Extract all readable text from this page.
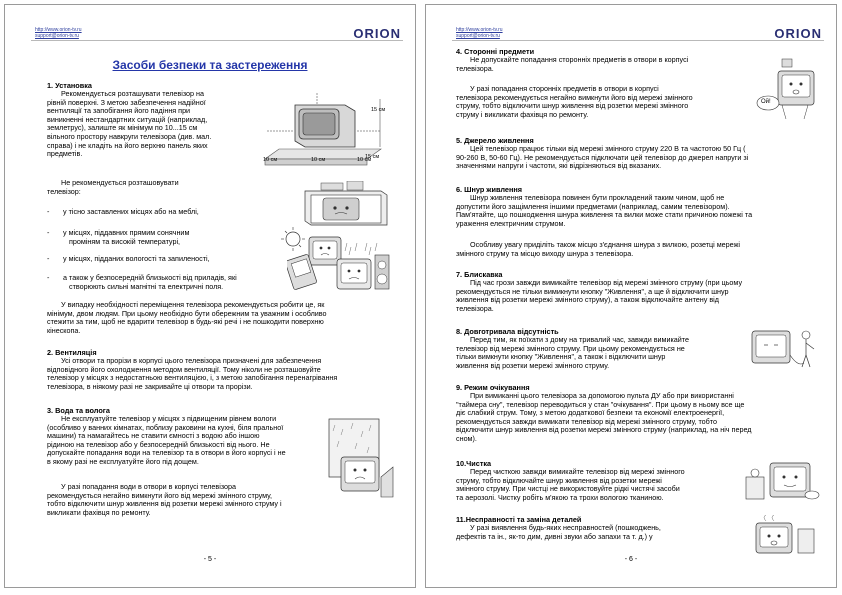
http://www.orion-tv.ru
support@orion-tv.ru	ORION
Засоби безпеки та застереження
1. Установка
Рекомендується розташувати телевізор на
рівній поверхні. З метою забезпечення надійної
вентиляції та запобігання його падіння при
виникненні нестандартних ситуацій (наприклад,
землетрус), залиште як мінімум по 10...15 см
вільного простору навкруги телевізора (див. мал.
справа) і не кладіть на його верхню панель яких
предметів.
15 см
15 см
10 см	10 см	10 см
Не рекомендується розташовувати
телевізор:
- у тісно заставлених місцях або на меблі,
- у місцях, піддавних прямим сонячним
проміням та високій температурі,
- у місцях, підданих вологості та запиленості,
- а також у безпосередній близькості від приладів, які
створюють сильні магнітні та електричні поля.
У випадку необхідності переміщення телевізора рекомендується робити це, як
мінімум, двом людям. При цьому необхідно бути обережним та уважним і особливо
стежити за тим, щоб не вдарити телевізор в будь-які речі і не пошкодити поверхню
кінескопа.
2. Вентиляція
Усі отвори та прорізи в корпусі цього телевізора призначені для забезпечення
відповідного його охолодження методом вентиляції. Тому ніколи не розташовуйте
телевізор у місцях з недостатньою вентиляцією, і, з метою запобігання перенагрівання
телевізора, в ніякому разі не закривайте ці отвори та прорізи.
3. Вода та волога
Не експлуатуйте телевізор у місцях з підвищеним рівнем вологи
(особливо у ванних кімнатах, поблизу раковини на кухні, біля пральної
машини) та намагайтесь не ставити ємності з водою або іншою
рідиною на телевізор або у безпосередній близькості від нього. Не
допускайте попадання води на телевізор та в отвори в його корпусі і не
в якому разі не експлуатуйте його під дощем.
У разі попадання води в отвори в корпусі телевізора
рекомендується негайно вимкнути його від мережі змінного струму,
тобто відключити шнур живлення від розетки мережі змінного струму і
викликати фахівця по ремонту.
- 5 -
http://www.orion-tv.ru
support@orion-tv.ru	ORION
4. Сторонні предмети
Не допускайте попадання сторонніх предметів в отвори в корпусі
телевізора.
У разі попадання сторонніх предметів в отвори в корпусі
телевізора рекомендується негайно вимкнути його від мережі змінного
струму, тобто відключити шнур живлення від розетки мережі змінного
струму і викликати фахівця по ремонту.
Ой!
5. Джерело живлення
Цей телевізор працює тільки від мережі змінного струму 220 В та частотою 50 Гц (
90-260 В, 50-60 Гц). Не рекомендується підключати цей телевізор до джерел напруги зі
значеннями напруги і частоти, які відрізняються від вказаних.
6. Шнур живлення
Шнур живлення телевізора повинен бути прокладений таким чином, щоб не
допустити його защімлення іншими предметами (наприклад, самим телевізором).
Пам'ятайте, що пошкодження шнура живлення та вилки може стати причиною пожежі та
ураження електричним струмом.
Особливу увагу приділіть також місцю з'єднання шнура з вилкою, розетці мережі
змінного струму та місцю виходу шнура з телевізора.
7. Блискавка
Під час грози завжди вимикайте телевізор від мережі змінного струму (при цьому
рекомендується не тільки вимикнути кнопку "Живлення", а ще й відключити шнур
живлення від розетки мережі змінного струму), а також відключайте антену від
телевізора.
8. Довготривала відсутність
Перед тим, як поїхати з дому на тривалий час, завжди вимикайте
телевізор від мережі змінного струму. При цьому рекомендується не
тільки вимкнути кнопку "Живлення", а також і відключити шнур
живлення від розетки мережі змінного струму.
9. Режим очікування
При вимиканні цього телевізора за допомогою пульта ДУ або при використанні
"таймера сну", телевізор переводиться у стан "очікування". При цьому в ньому все ще
діє слабкий струм. Тому, з метою додаткової безпеки та економії електроенергії,
рекомендується завжди вимикати телевізор від мережі змінного струму, тобто
відключити шнур живлення від розетки мережі змінного струму (наприклад, на ніч перед
сном).
10.Чистка
Перед чисткою завжди вимикайте телевізор від мережі змінного
струму, тобто відключайте шнур живлення від розетки мережі
змінного струму. При чистці не використовуйте рідкі чистячі засоби
та аерозолі. Чистку робіть м'якою та трохи вологою тканиною.
11.Несправності та заміна деталей
У разі виявлення будь-яких несправностей (пошкоджень,
дефектів та ін., як-то дим, дивні звуки або запахи та т. д.) у
- 6 -
